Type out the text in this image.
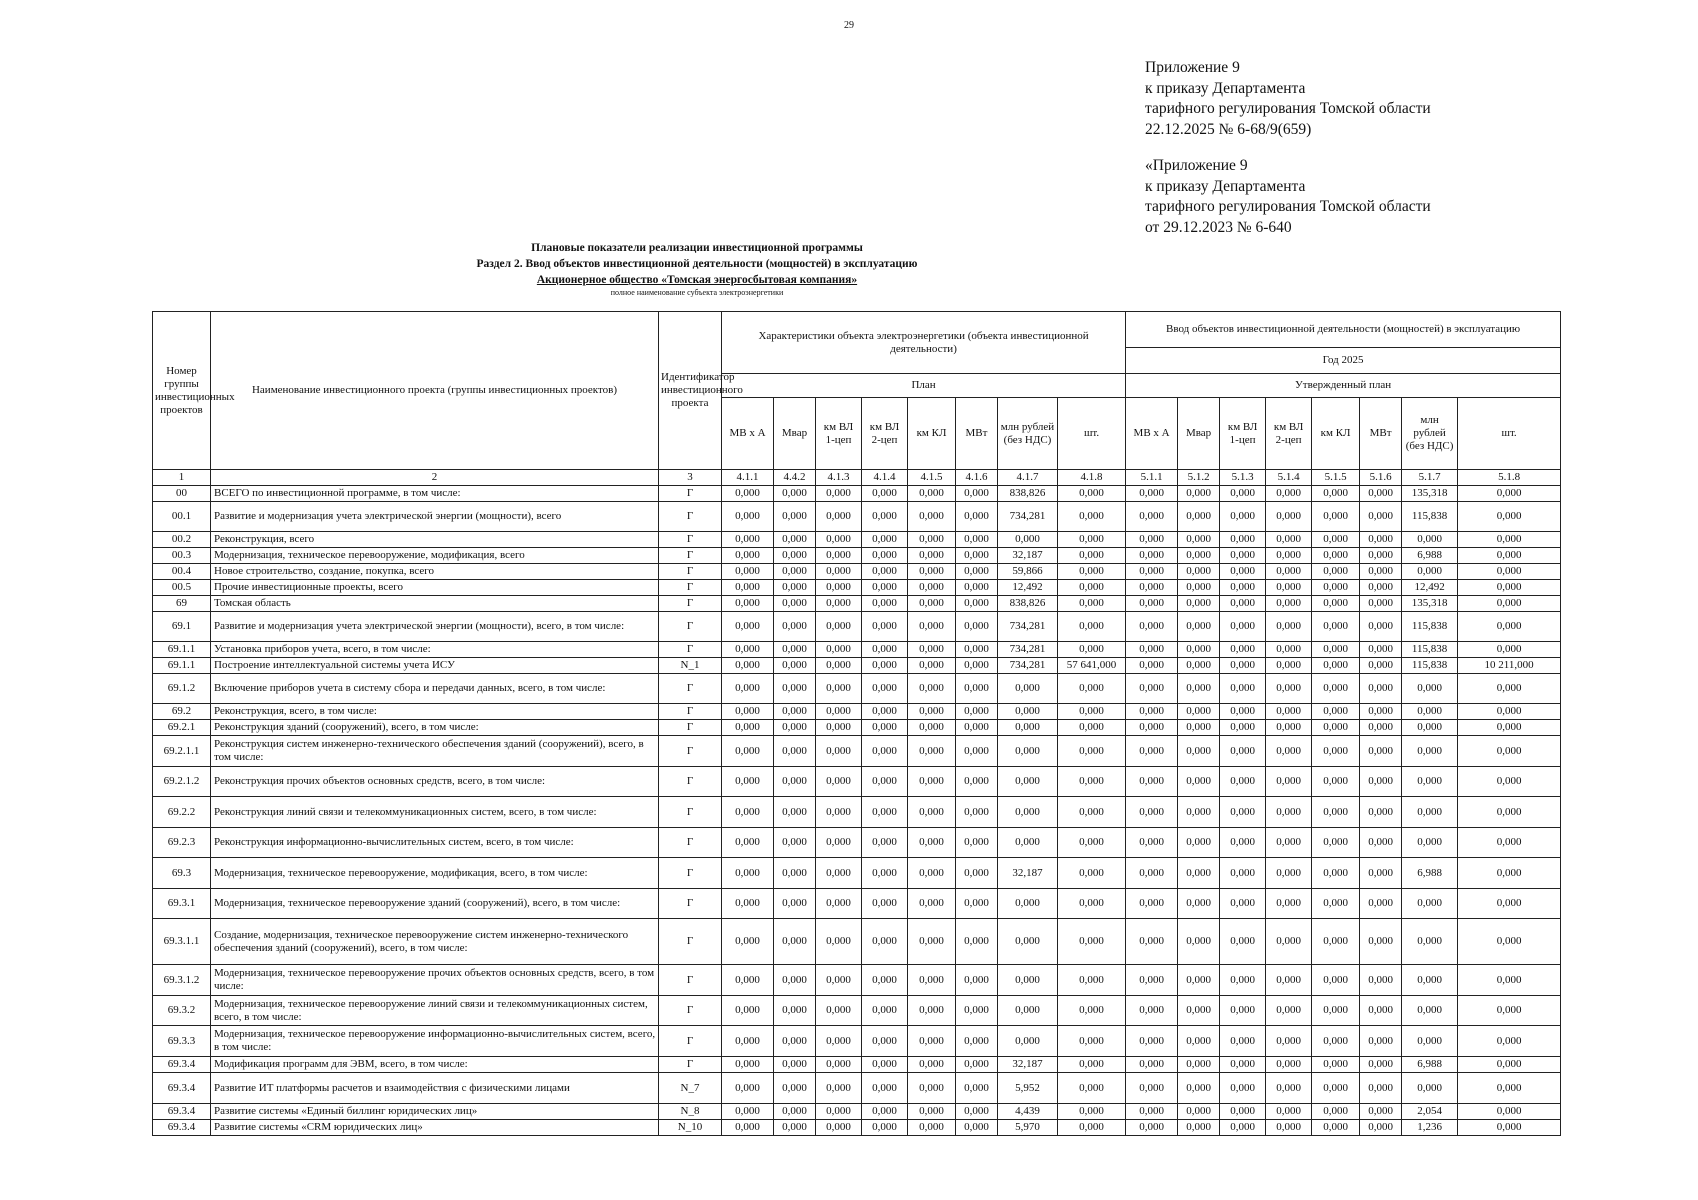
29
Приложение 9
к приказу Департамента
тарифного регулирования Томской области
22.12.2025 № 6-68/9(659)
«Приложение 9
к приказу Департамента
тарифного регулирования Томской области
от 29.12.2023 № 6-640
Плановые показатели реализации инвестиционной программы
Раздел 2. Ввод объектов инвестиционной деятельности (мощностей) в эксплуатацию
Акционерное общество «Томская энергосбытовая компания»
полное наименование субъекта электроэнергетики
Номер группы инвестиционных проектов	Наименование инвестиционного проекта (группы инвестиционных проектов)	Идентификатор инвестиционного проекта	Характеристики объекта электроэнергетики (объекта инвестиционной деятельности)								Ввод объектов инвестиционной деятельности (мощностей) в эксплуатацию							
											Год 2025							
			План								Утвержденный план							
			МВ х А	Мвар	км ВЛ 1-цеп	км ВЛ 2-цеп	км КЛ	МВт	млн рублей (без НДС)	шт.	МВ х А	Мвар	км ВЛ 1-цеп	км ВЛ 2-цеп	км КЛ	МВт	млн рублей (без НДС)	шт.
1	2	3	4.1.1	4.4.2	4.1.3	4.1.4	4.1.5	4.1.6	4.1.7	4.1.8	5.1.1	5.1.2	5.1.3	5.1.4	5.1.5	5.1.6	5.1.7	5.1.8
00	ВСЕГО по инвестиционной программе, в том числе:	Г	0,000	0,000	0,000	0,000	0,000	0,000	838,826	0,000	0,000	0,000	0,000	0,000	0,000	0,000	135,318	0,000
00.1	Развитие и модернизация учета электрической энергии (мощности), всего	Г	0,000	0,000	0,000	0,000	0,000	0,000	734,281	0,000	0,000	0,000	0,000	0,000	0,000	0,000	115,838	0,000
00.2	Реконструкция, всего	Г	0,000	0,000	0,000	0,000	0,000	0,000	0,000	0,000	0,000	0,000	0,000	0,000	0,000	0,000	0,000	0,000
00.3	Модернизация, техническое перевооружение, модификация, всего	Г	0,000	0,000	0,000	0,000	0,000	0,000	32,187	0,000	0,000	0,000	0,000	0,000	0,000	0,000	6,988	0,000
00.4	Новое строительство, создание, покупка, всего	Г	0,000	0,000	0,000	0,000	0,000	0,000	59,866	0,000	0,000	0,000	0,000	0,000	0,000	0,000	0,000	0,000
00.5	Прочие инвестиционные проекты, всего	Г	0,000	0,000	0,000	0,000	0,000	0,000	12,492	0,000	0,000	0,000	0,000	0,000	0,000	0,000	12,492	0,000
69	Томская область	Г	0,000	0,000	0,000	0,000	0,000	0,000	838,826	0,000	0,000	0,000	0,000	0,000	0,000	0,000	135,318	0,000
69.1	Развитие и модернизация учета электрической энергии (мощности), всего, в том числе:	Г	0,000	0,000	0,000	0,000	0,000	0,000	734,281	0,000	0,000	0,000	0,000	0,000	0,000	0,000	115,838	0,000
69.1.1	Установка приборов учета, всего, в том числе:	Г	0,000	0,000	0,000	0,000	0,000	0,000	734,281	0,000	0,000	0,000	0,000	0,000	0,000	0,000	115,838	0,000
69.1.1	Построение интеллектуальной системы учета ИСУ	N_1	0,000	0,000	0,000	0,000	0,000	0,000	734,281	57 641,000	0,000	0,000	0,000	0,000	0,000	0,000	115,838	10 211,000
69.1.2	Включение приборов учета в систему сбора и передачи данных, всего, в том числе:	Г	0,000	0,000	0,000	0,000	0,000	0,000	0,000	0,000	0,000	0,000	0,000	0,000	0,000	0,000	0,000	0,000
69.2	Реконструкция, всего, в том числе:	Г	0,000	0,000	0,000	0,000	0,000	0,000	0,000	0,000	0,000	0,000	0,000	0,000	0,000	0,000	0,000	0,000
69.2.1	Реконструкция зданий (сооружений), всего, в том числе:	Г	0,000	0,000	0,000	0,000	0,000	0,000	0,000	0,000	0,000	0,000	0,000	0,000	0,000	0,000	0,000	0,000
69.2.1.1	Реконструкция систем инженерно-технического обеспечения зданий (сооружений), всего, в том числе:	Г	0,000	0,000	0,000	0,000	0,000	0,000	0,000	0,000	0,000	0,000	0,000	0,000	0,000	0,000	0,000	0,000
69.2.1.2	Реконструкция прочих объектов основных средств, всего, в том числе:	Г	0,000	0,000	0,000	0,000	0,000	0,000	0,000	0,000	0,000	0,000	0,000	0,000	0,000	0,000	0,000	0,000
69.2.2	Реконструкция линий связи и телекоммуникационных систем, всего, в том числе:	Г	0,000	0,000	0,000	0,000	0,000	0,000	0,000	0,000	0,000	0,000	0,000	0,000	0,000	0,000	0,000	0,000
69.2.3	Реконструкция информационно-вычислительных систем, всего, в том числе:	Г	0,000	0,000	0,000	0,000	0,000	0,000	0,000	0,000	0,000	0,000	0,000	0,000	0,000	0,000	0,000	0,000
69.3	Модернизация, техническое перевооружение, модификация, всего, в том числе:	Г	0,000	0,000	0,000	0,000	0,000	0,000	32,187	0,000	0,000	0,000	0,000	0,000	0,000	0,000	6,988	0,000
69.3.1	Модернизация, техническое перевооружение зданий (сооружений), всего, в том числе:	Г	0,000	0,000	0,000	0,000	0,000	0,000	0,000	0,000	0,000	0,000	0,000	0,000	0,000	0,000	0,000	0,000
69.3.1.1	Создание, модернизация, техническое перевооружение систем инженерно-технического обеспечения зданий (сооружений), всего, в том числе:	Г	0,000	0,000	0,000	0,000	0,000	0,000	0,000	0,000	0,000	0,000	0,000	0,000	0,000	0,000	0,000	0,000
69.3.1.2	Модернизация, техническое перевооружение прочих объектов основных средств, всего, в том числе:	Г	0,000	0,000	0,000	0,000	0,000	0,000	0,000	0,000	0,000	0,000	0,000	0,000	0,000	0,000	0,000	0,000
69.3.2	Модернизация, техническое перевооружение линий связи и телекоммуникационных систем, всего, в том числе:	Г	0,000	0,000	0,000	0,000	0,000	0,000	0,000	0,000	0,000	0,000	0,000	0,000	0,000	0,000	0,000	0,000
69.3.3	Модернизация, техническое перевооружение информационно-вычислительных систем, всего, в том числе:	Г	0,000	0,000	0,000	0,000	0,000	0,000	0,000	0,000	0,000	0,000	0,000	0,000	0,000	0,000	0,000	0,000
69.3.4	Модификация программ для ЭВМ, всего, в том числе:	Г	0,000	0,000	0,000	0,000	0,000	0,000	32,187	0,000	0,000	0,000	0,000	0,000	0,000	0,000	6,988	0,000
69.3.4	Развитие ИТ платформы расчетов и взаимодействия с физическими лицами	N_7	0,000	0,000	0,000	0,000	0,000	0,000	5,952	0,000	0,000	0,000	0,000	0,000	0,000	0,000	0,000	0,000
69.3.4	Развитие системы «Единый биллинг юридических лиц»	N_8	0,000	0,000	0,000	0,000	0,000	0,000	4,439	0,000	0,000	0,000	0,000	0,000	0,000	0,000	2,054	0,000
69.3.4	Развитие системы «CRM юридических лиц»	N_10	0,000	0,000	0,000	0,000	0,000	0,000	5,970	0,000	0,000	0,000	0,000	0,000	0,000	0,000	1,236	0,000
